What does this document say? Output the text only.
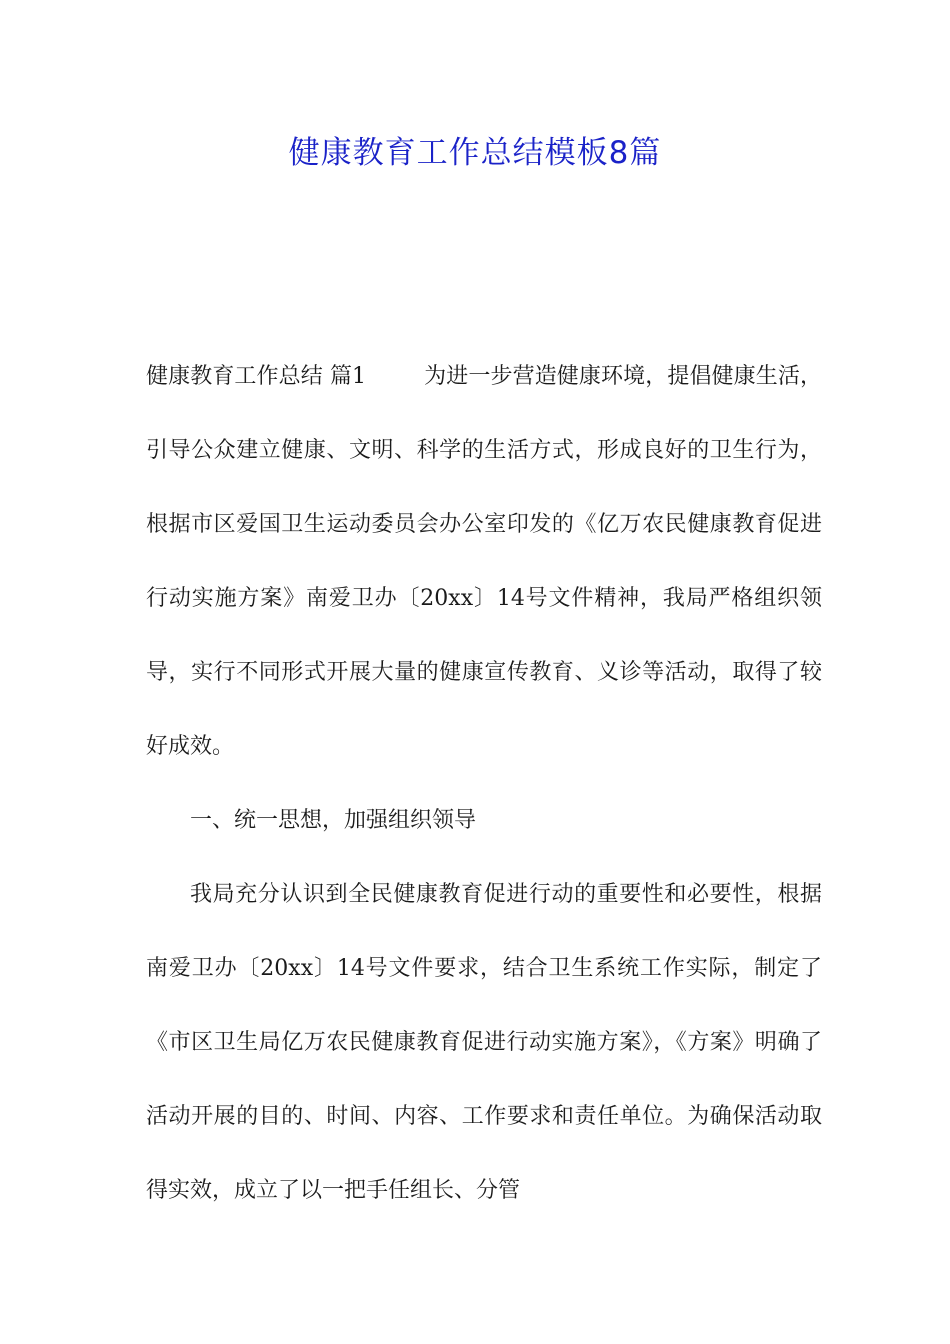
健康教育工作总结模板8篇

健康教育工作总结 篇1	为进一步营造健康环境，提倡健康生活，引导公众建立健康、文明、科学的生活方式，形成良好的卫生行为，根据市区爱国卫生运动委员会办公室印发的《亿万农民健康教育促进行动实施方案》南爱卫办〔20xx〕14号文件精神，我局严格组织领导，实行不同形式开展大量的健康宣传教育、义诊等活动，取得了较好成效。

一、统一思想，加强组织领导

我局充分认识到全民健康教育促进行动的重要性和必要性，根据南爱卫办〔20xx〕14号文件要求，结合卫生系统工作实际，制定了《市区卫生局亿万农民健康教育促进行动实施方案》，《方案》明确了活动开展的目的、时间、内容、工作要求和责任单位。为确保活动取得实效，成立了以一把手任组长、分管
